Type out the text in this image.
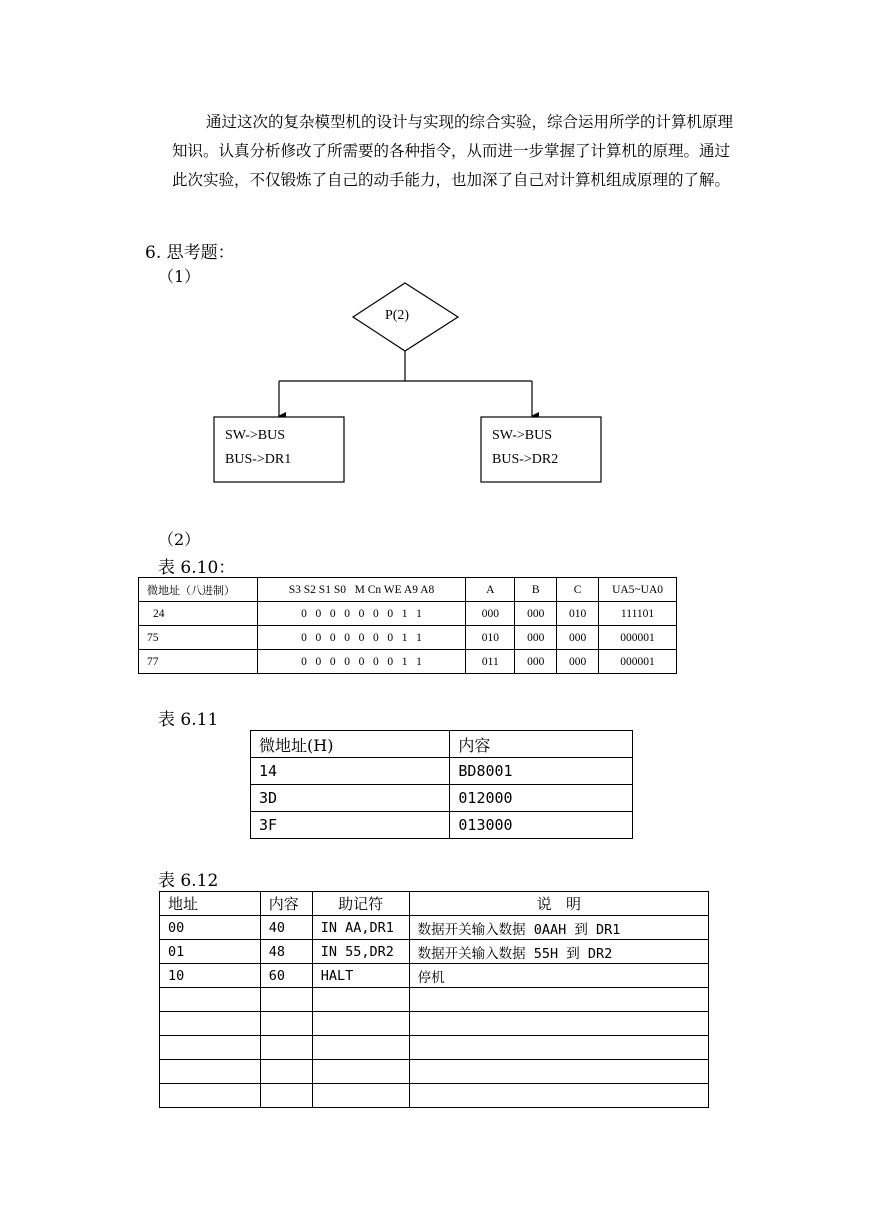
通过这次的复杂模型机的设计与实现的综合实验，综合运用所学的计算机原理知识。认真分析修改了所需要的各种指令，从而进一步掌握了计算机的原理。通过此次实验，不仅锻炼了自己的动手能力，也加深了自己对计算机组成原理的了解。

6. 思考题：
（1）
P(2)
SW->BUS
BUS->DR1
SW->BUS
BUS->DR2
（2）
表 6.10：
微地址（八进制）	S3 S2 S1 S0   M Cn WE A9 A8	A	B	C	UA5~UA0
24	0   0   0   0   0   0   0   1   1	000	000	010	111101
75	0   0   0   0   0   0   0   1   1	010	000	000	000001
77	0   0   0   0   0   0   0   1   1	011	000	000	000001
表 6.11
微地址(H)	内容
14	BD8001
3D	012000
3F	013000
表 6.12
地址	内容	助记符	说   明
00	40	IN AA,DR1	数据开关输入数据 0AAH 到 DR1
01	48	IN 55,DR2	数据开关输入数据 55H 到 DR2
10	60	HALT	停机
